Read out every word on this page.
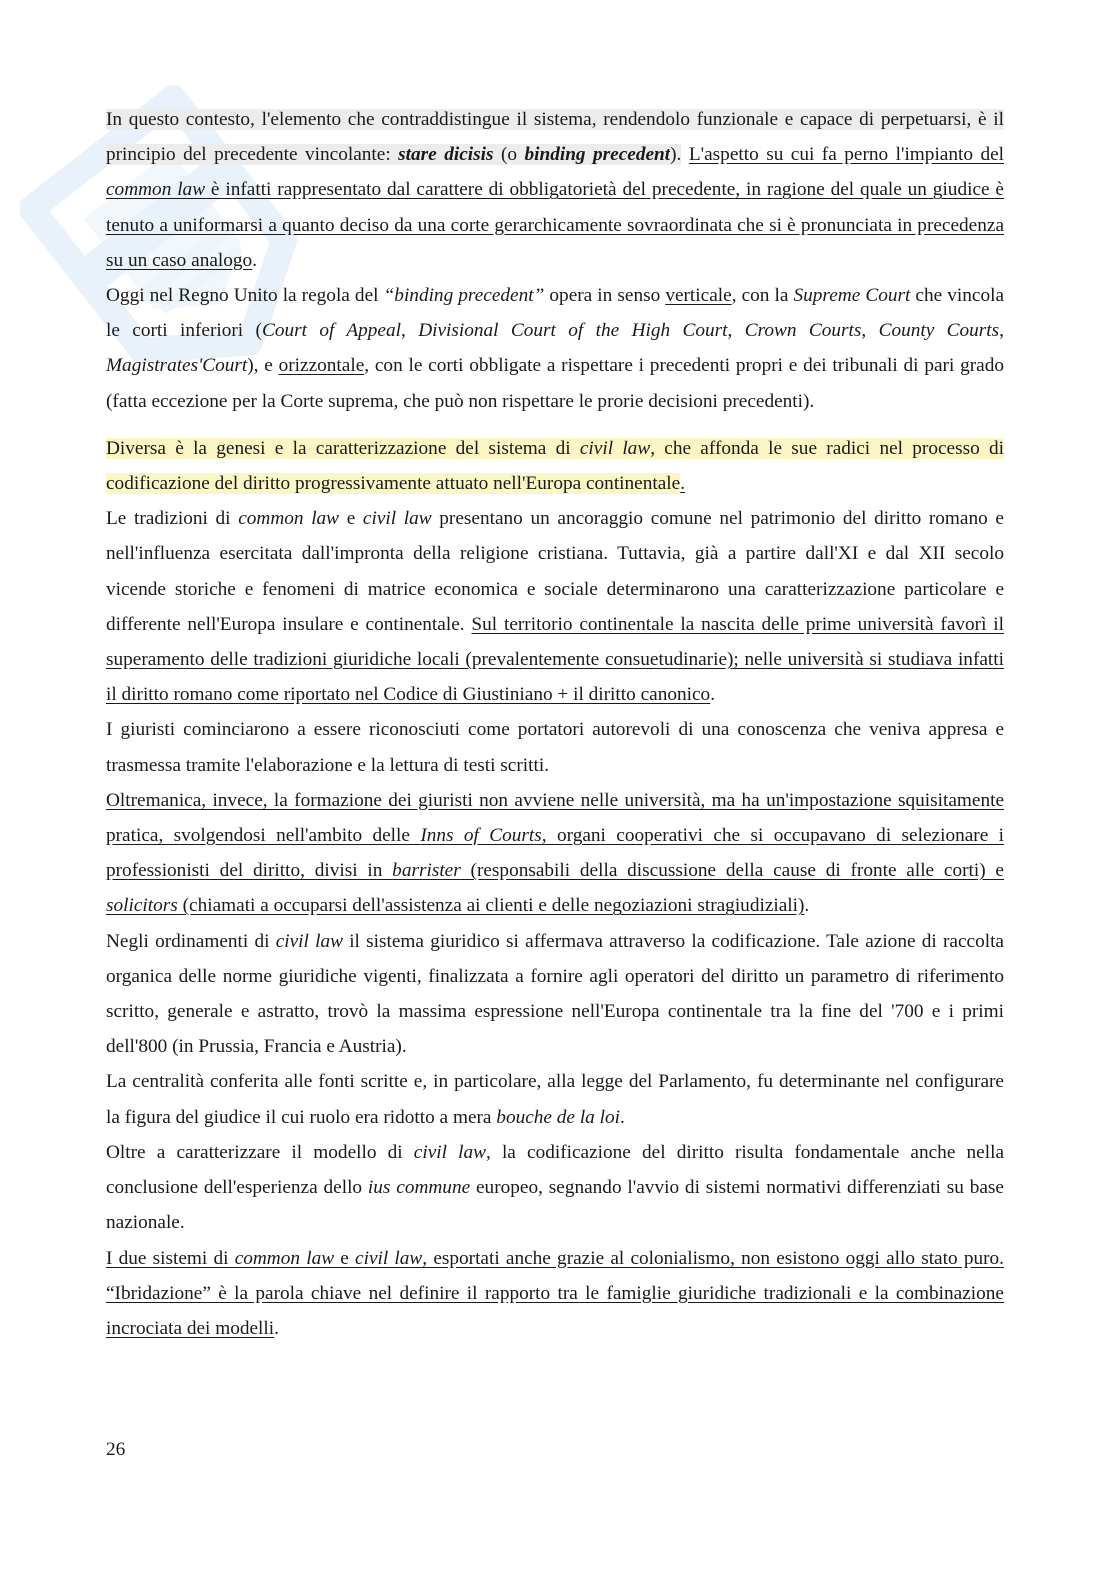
In questo contesto, l'elemento che contraddistingue il sistema, rendendolo funzionale e capace di perpetuarsi, è il principio del precedente vincolante: stare dicisis (o binding precedent). L'aspetto su cui fa perno l'impianto del common law è infatti rappresentato dal carattere di obbligatorietà del precedente, in ragione del quale un giudice è tenuto a uniformarsi a quanto deciso da una corte gerarchicamente sovraordinata che si è pronunciata in precedenza su un caso analogo.

Oggi nel Regno Unito la regola del “binding precedent” opera in senso verticale, con la Supreme Court che vincola le corti inferiori (Court of Appeal, Divisional Court of the High Court, Crown Courts, County Courts, Magistrates'Court), e orizzontale, con le corti obbligate a rispettare i precedenti propri e dei tribunali di pari grado (fatta eccezione per la Corte suprema, che può non rispettare le prorie decisioni precedenti).

Diversa è la genesi e la caratterizzazione del sistema di civil law, che affonda le sue radici nel processo di codificazione del diritto progressivamente attuato nell'Europa continentale.

Le tradizioni di common law e civil law presentano un ancoraggio comune nel patrimonio del diritto romano e nell'influenza esercitata dall'impronta della religione cristiana. Tuttavia, già a partire dall'XI e dal XII secolo vicende storiche e fenomeni di matrice economica e sociale determinarono una caratterizzazione particolare e differente nell'Europa insulare e continentale. Sul territorio continentale la nascita delle prime università favorì il superamento delle tradizioni giuridiche locali (prevalentemente consuetudinarie); nelle università si studiava infatti il diritto romano come riportato nel Codice di Giustiniano + il diritto canonico.

I giuristi cominciarono a essere riconosciuti come portatori autorevoli di una conoscenza che veniva appresa e trasmessa tramite l'elaborazione e la lettura di testi scritti.

Oltremanica, invece, la formazione dei giuristi non avviene nelle università, ma ha un'impostazione squisitamente pratica, svolgendosi nell'ambito delle Inns of Courts, organi cooperativi che si occupavano di selezionare i professionisti del diritto, divisi in barrister (responsabili della discussione della cause di fronte alle corti) e solicitors (chiamati a occuparsi dell'assistenza ai clienti e delle negoziazioni stragiudiziali).

Negli ordinamenti di civil law il sistema giuridico si affermava attraverso la codificazione. Tale azione di raccolta organica delle norme giuridiche vigenti, finalizzata a fornire agli operatori del diritto un parametro di riferimento scritto, generale e astratto, trovò la massima espressione nell'Europa continentale tra la fine del '700 e i primi dell'800 (in Prussia, Francia e Austria).

La centralità conferita alle fonti scritte e, in particolare, alla legge del Parlamento, fu determinante nel configurare la figura del giudice il cui ruolo era ridotto a mera bouche de la loi.

Oltre a caratterizzare il modello di civil law, la codificazione del diritto risulta fondamentale anche nella conclusione dell'esperienza dello ius commune europeo, segnando l'avvio di sistemi normativi differenziati su base nazionale.

I due sistemi di common law e civil law, esportati anche grazie al colonialismo, non esistono oggi allo stato puro. “Ibridazione” è la parola chiave nel definire il rapporto tra le famiglie giuridiche tradizionali e la combinazione incrociata dei modelli.

26
